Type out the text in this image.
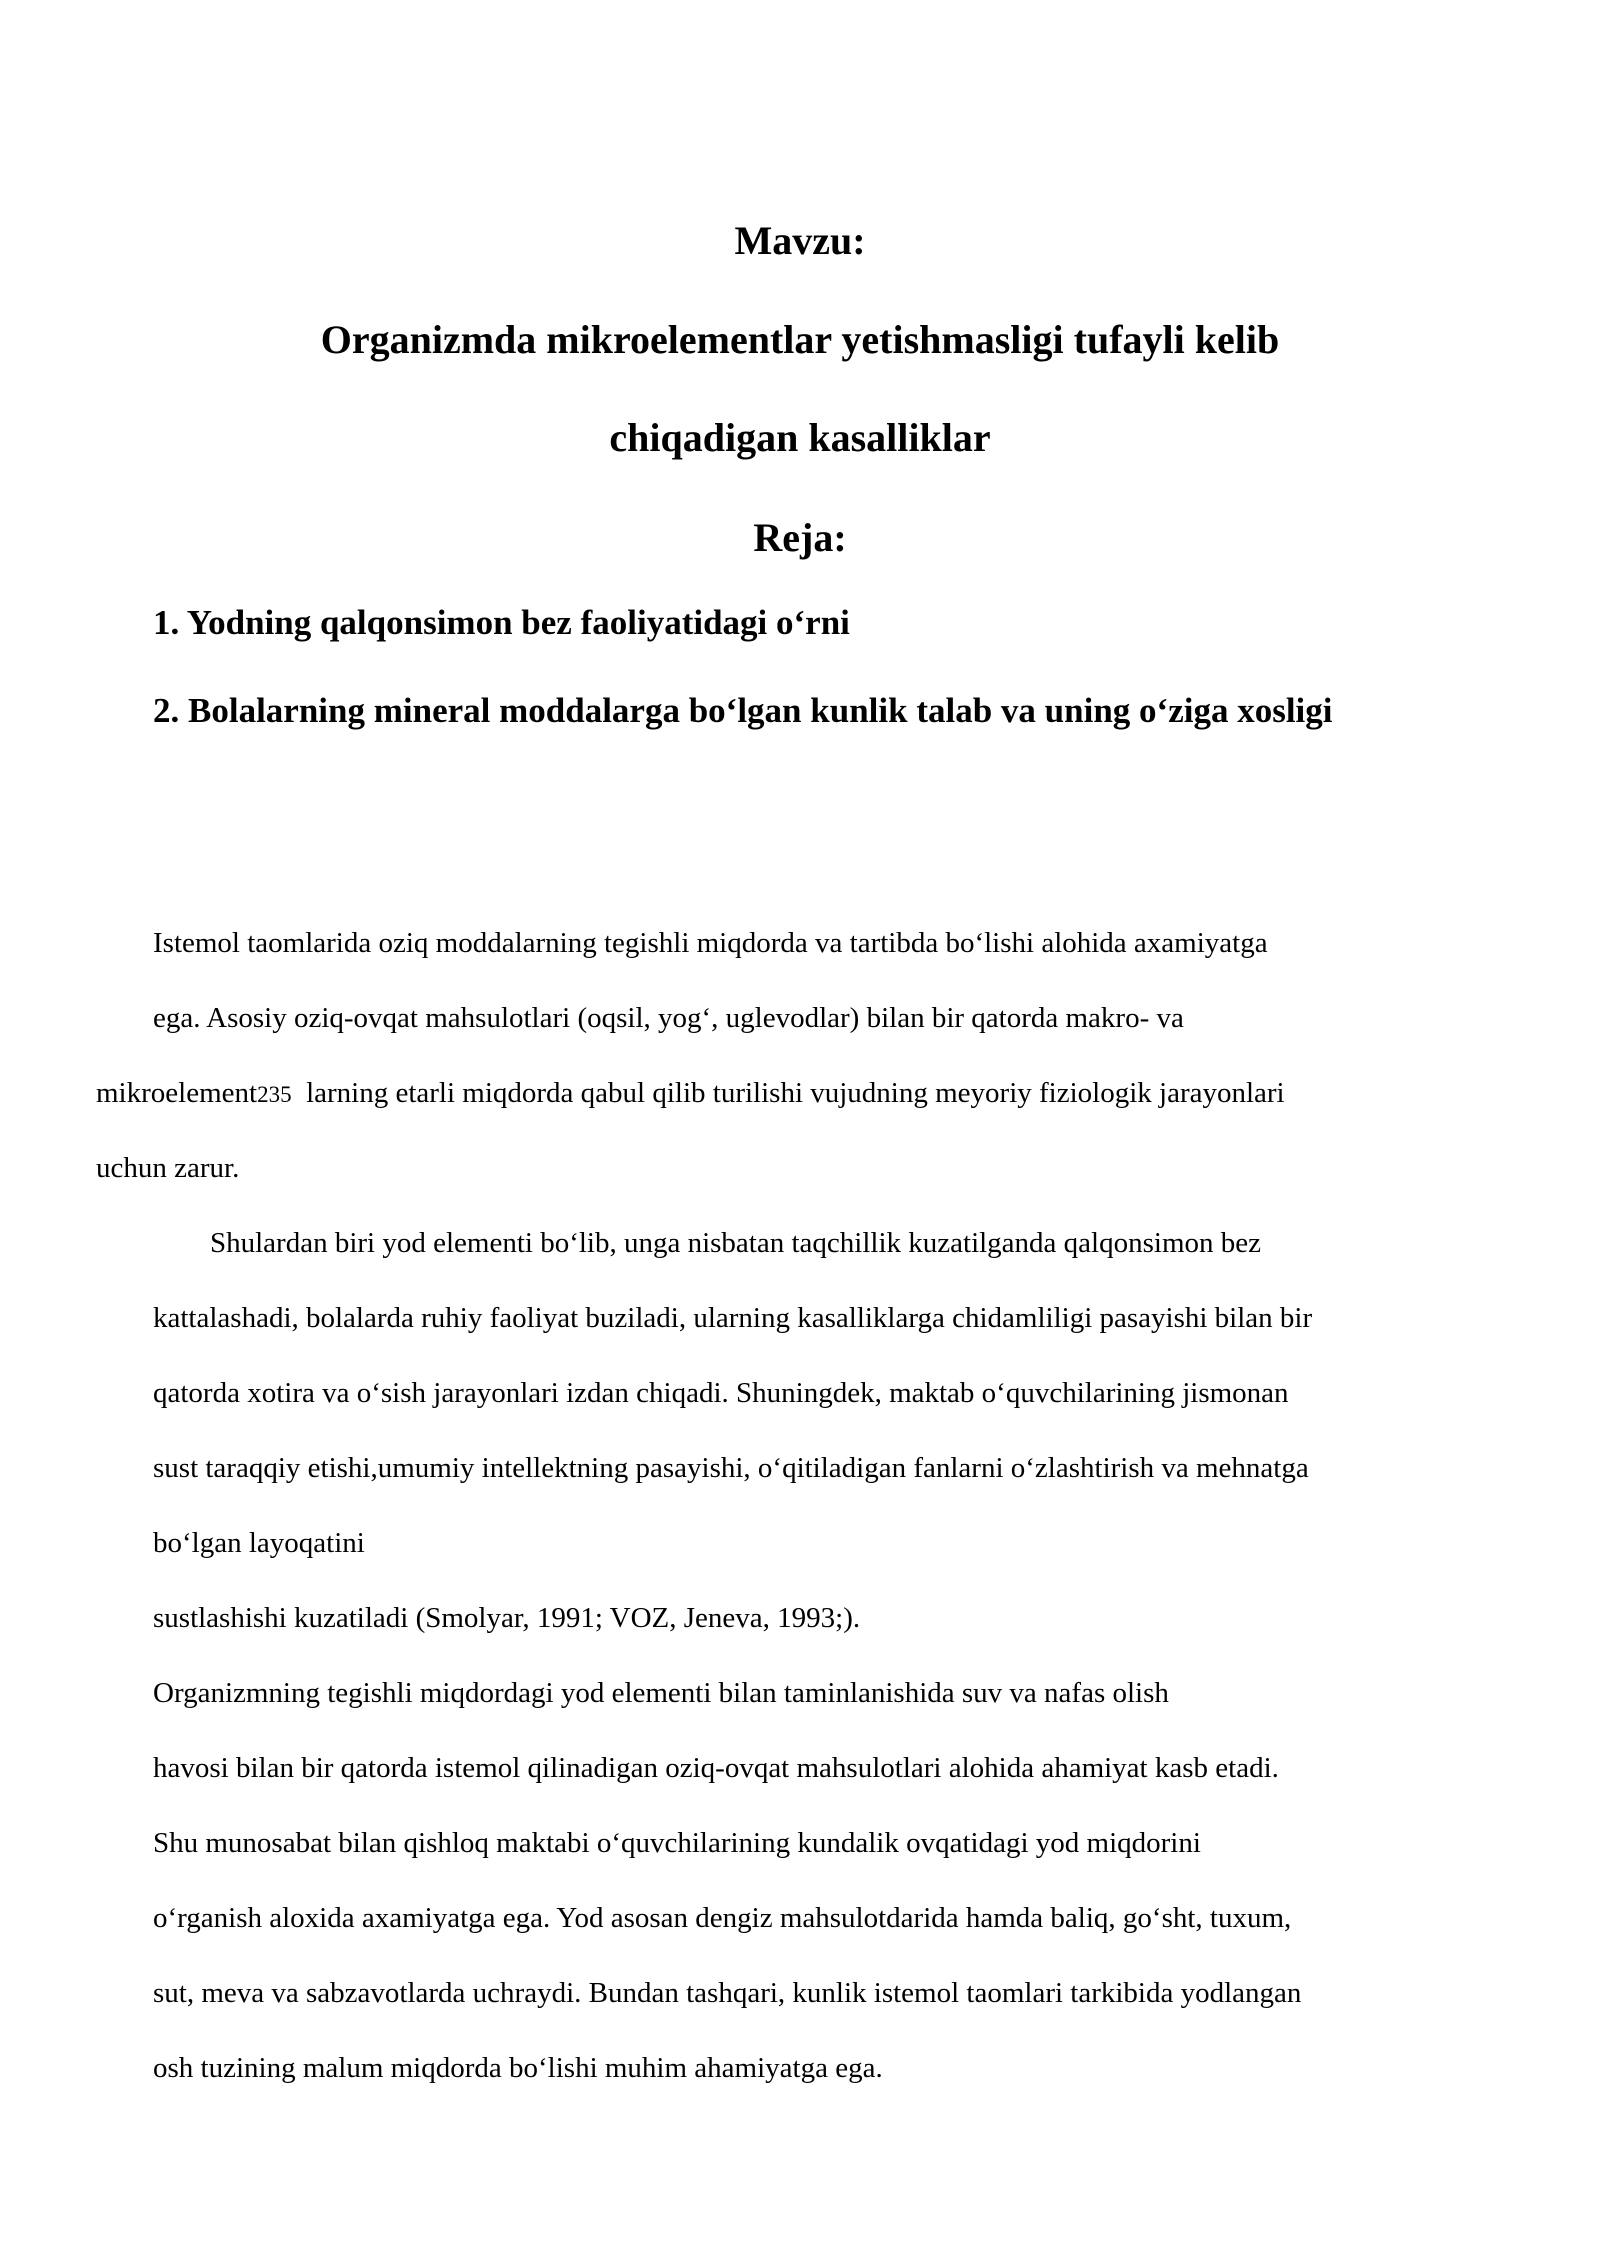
Mavzu:
Organizmda mikroelementlar yetishmasligi tufayli kelib
chiqadigan kasalliklar
Reja:
1. Yodning qalqonsimon bez faoliyatidagi o‘rni
2. Bolalarning mineral moddalarga bo‘lgan kunlik talab va uning o‘ziga xosligi
Istemol taomlarida oziq moddalarning tegishli miqdorda va tartibda bo‘lishi alohida axamiyatga
ega. Asosiy oziq-ovqat mahsulotlari (oqsil, yog‘, uglevodlar) bilan bir qatorda makro- va
mikroelement235  larning etarli miqdorda qabul qilib turilishi vujudning meyoriy fiziologik jarayonlari
uchun zarur.
Shulardan biri yod elementi bo‘lib, unga nisbatan taqchillik kuzatilganda qalqonsimon bez
kattalashadi, bolalarda ruhiy faoliyat buziladi, ularning kasalliklarga chidamliligi pasayishi bilan bir
qatorda xotira va o‘sish jarayonlari izdan chiqadi. Shuningdek, maktab o‘quvchilarining jismonan
sust taraqqiy etishi,umumiy intellektning pasayishi, o‘qitiladigan fanlarni o‘zlashtirish va mehnatga
bo‘lgan layoqatini
sustlashishi kuzatiladi (Smolyar, 1991; VOZ, Jeneva, 1993;).
Organizmning tegishli miqdordagi yod elementi bilan taminlanishida suv va nafas olish
havosi bilan bir qatorda istemol qilinadigan oziq-ovqat mahsulotlari alohida ahamiyat kasb etadi.
Shu munosabat bilan qishloq maktabi o‘quvchilarining kundalik ovqatidagi yod miqdorini
o‘rganish aloxida axamiyatga ega. Yod asosan dengiz mahsulotdarida hamda baliq, go‘sht, tuxum,
sut, meva va sabzavotlarda uchraydi. Bundan tashqari, kunlik istemol taomlari tarkibida yodlangan
osh tuzining malum miqdorda bo‘lishi muhim ahamiyatga ega.
